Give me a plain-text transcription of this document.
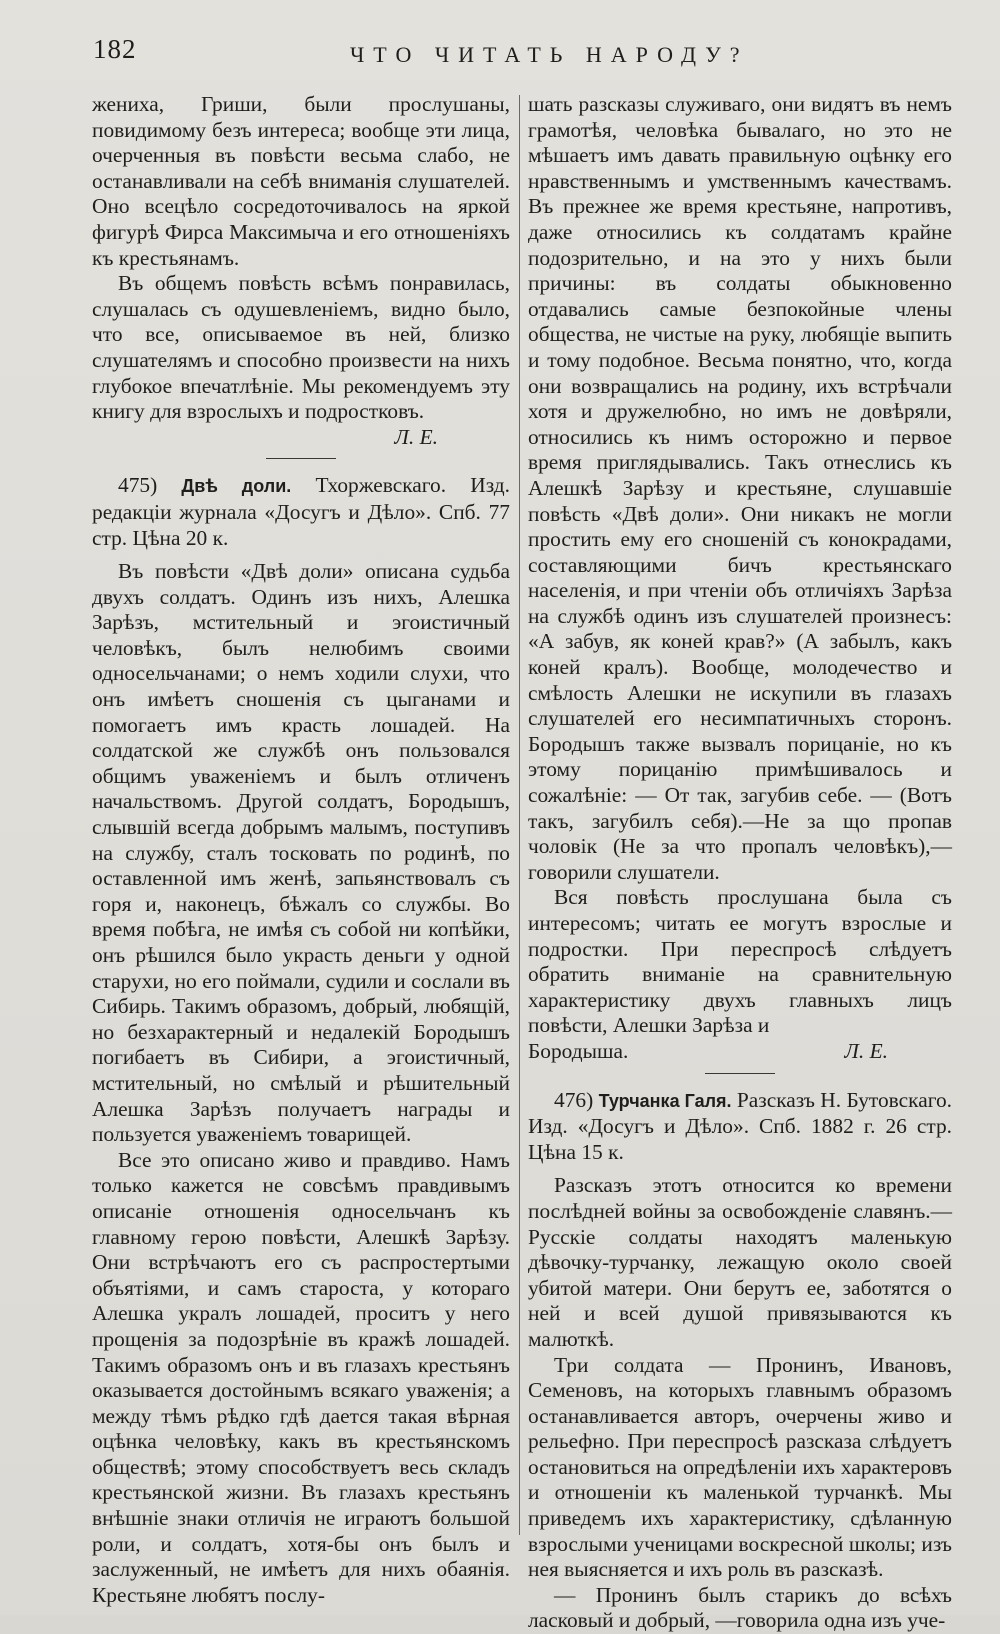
182	ЧТО ЧИТАТЬ НАРОДУ?

жениха, Гриши, были прослушаны, повидимому безъ интереса; вообще эти лица, очерченныя въ повѣсти весьма слабо, не останавливали на себѣ вниманія слушателей. Оно всецѣло сосредоточивалось на яркой фигурѣ Фирса Максимыча и его отношеніяхъ къ крестьянамъ.

Въ общемъ повѣсть всѣмъ понравилась, слушалась съ одушевленіемъ, видно было, что все, описываемое въ ней, близко слушателямъ и способно произвести на нихъ глубокое впечатлѣніе. Мы рекомендуемъ эту книгу для взрослыхъ и подростковъ.

Л. Е.

475) Двѣ доли. Тхоржевскаго. Изд. редакціи журнала «Досугъ и Дѣло». Спб. 77 стр. Цѣна 20 к.

Въ повѣсти «Двѣ доли» описана судьба двухъ солдатъ. Одинъ изъ нихъ, Алешка Зарѣзъ, мстительный и эгоистичный человѣкъ, былъ нелюбимъ своими односельчанами; о немъ ходили слухи, что онъ имѣетъ сношенія съ цыганами и помогаетъ имъ красть лошадей. На солдатской же службѣ онъ пользовался общимъ уваженіемъ и былъ отличенъ начальствомъ. Другой солдатъ, Бородышъ, слывшій всегда добрымъ малымъ, поступивъ на службу, сталъ тосковать по родинѣ, по оставленной имъ женѣ, запьянствовалъ съ горя и, наконецъ, бѣжалъ со службы. Во время побѣга, не имѣя съ собой ни копѣйки, онъ рѣшился было украсть деньги у одной старухи, но его поймали, судили и сослали въ Сибирь. Такимъ образомъ, добрый, любящій, но безхарактерный и недалекій Бородышъ погибаетъ въ Сибири, а эгоистичный, мстительный, но смѣлый и рѣшительный Алешка Зарѣзъ получаетъ награды и пользуется уваженіемъ товарищей.

Все это описано живо и правдиво. Намъ только кажется не совсѣмъ правдивымъ описаніе отношенія односельчанъ къ главному герою повѣсти, Алешкѣ Зарѣзу. Они встрѣчаютъ его съ распростертыми объятіями, и самъ староста, у котораго Алешка укралъ лошадей, проситъ у него прощенія за подозрѣніе въ кражѣ лошадей. Такимъ образомъ онъ и въ глазахъ крестьянъ оказывается достойнымъ всякаго уваженія; а между тѣмъ рѣдко гдѣ дается такая вѣрная оцѣнка человѣку, какъ въ крестьянскомъ обществѣ; этому способствуетъ весь складъ крестьянской жизни. Въ глазахъ крестьянъ внѣшніе знаки отличія не играютъ большой роли, и солдатъ, хотя-бы онъ былъ и заслуженный, не имѣетъ для нихъ обаянія. Крестьяне любятъ послу-

шать разсказы служиваго, они видятъ въ немъ грамотѣя, человѣка бывалаго, но это не мѣшаетъ имъ давать правильную оцѣнку его нравственнымъ и умственнымъ качествамъ. Въ прежнее же время крестьяне, напротивъ, даже относились къ солдатамъ крайне подозрительно, и на это у нихъ были причины: въ солдаты обыкновенно отдавались самые безпокойные члены общества, не чистые на руку, любящіе выпить и тому подобное. Весьма понятно, что, когда они возвращались на родину, ихъ встрѣчали хотя и дружелюбно, но имъ не довѣряли, относились къ нимъ осторожно и первое время приглядывались. Такъ отнеслись къ Алешкѣ Зарѣзу и крестьяне, слушавшіе повѣсть «Двѣ доли». Они никакъ не могли простить ему его сношеній съ конокрадами, составляющими бичъ крестьянскаго населенія, и при чтеніи объ отличіяхъ Зарѣза на службѣ одинъ изъ слушателей произнесъ: «А забув, як коней крав?» (А забылъ, какъ коней кралъ). Вообще, молодечество и смѣлость Алешки не искупили въ глазахъ слушателей его несимпатичныхъ сторонъ. Бородышъ также вызвалъ порицаніе, но къ этому порицанію примѣшивалось и сожалѣніе: — От так, загубив себе. — (Вотъ такъ, загубилъ себя).—Не за що пропав чоловік (Не за что пропалъ человѣкъ),—говорили слушатели.

Вся повѣсть прослушана была съ интересомъ; читать ее могутъ взрослые и подростки. При переспросѣ слѣдуетъ обратить вниманіе на сравнительную характеристику двухъ главныхъ лицъ повѣсти, Алешки Зарѣза и

Бородыша.	Л. Е.

476) Турчанка Галя. Разсказъ Н. Бутовскаго. Изд. «Досугъ и Дѣло». Спб. 1882 г. 26 стр. Цѣна 15 к.

Разсказъ этотъ относится ко времени послѣдней войны за освобожденіе славянъ.— Русскіе солдаты находятъ маленькую дѣвочку-турчанку, лежащую около своей убитой матери. Они берутъ ее, заботятся о ней и всей душой привязываются къ малюткѣ.

Три солдата — Пронинъ, Ивановъ, Семеновъ, на которыхъ главнымъ образомъ останавливается авторъ, очерчены живо и рельефно. При переспросѣ разсказа слѣдуетъ остановиться на опредѣленіи ихъ характеровъ и отношеніи къ маленькой турчанкѣ. Мы приведемъ ихъ характеристику, сдѣланную взрослыми ученицами воскресной школы; изъ нея выясняется и ихъ роль въ разсказѣ.

— Пронинъ былъ старикъ до всѣхъ ласковый и добрый, —говорила одна изъ уче-
